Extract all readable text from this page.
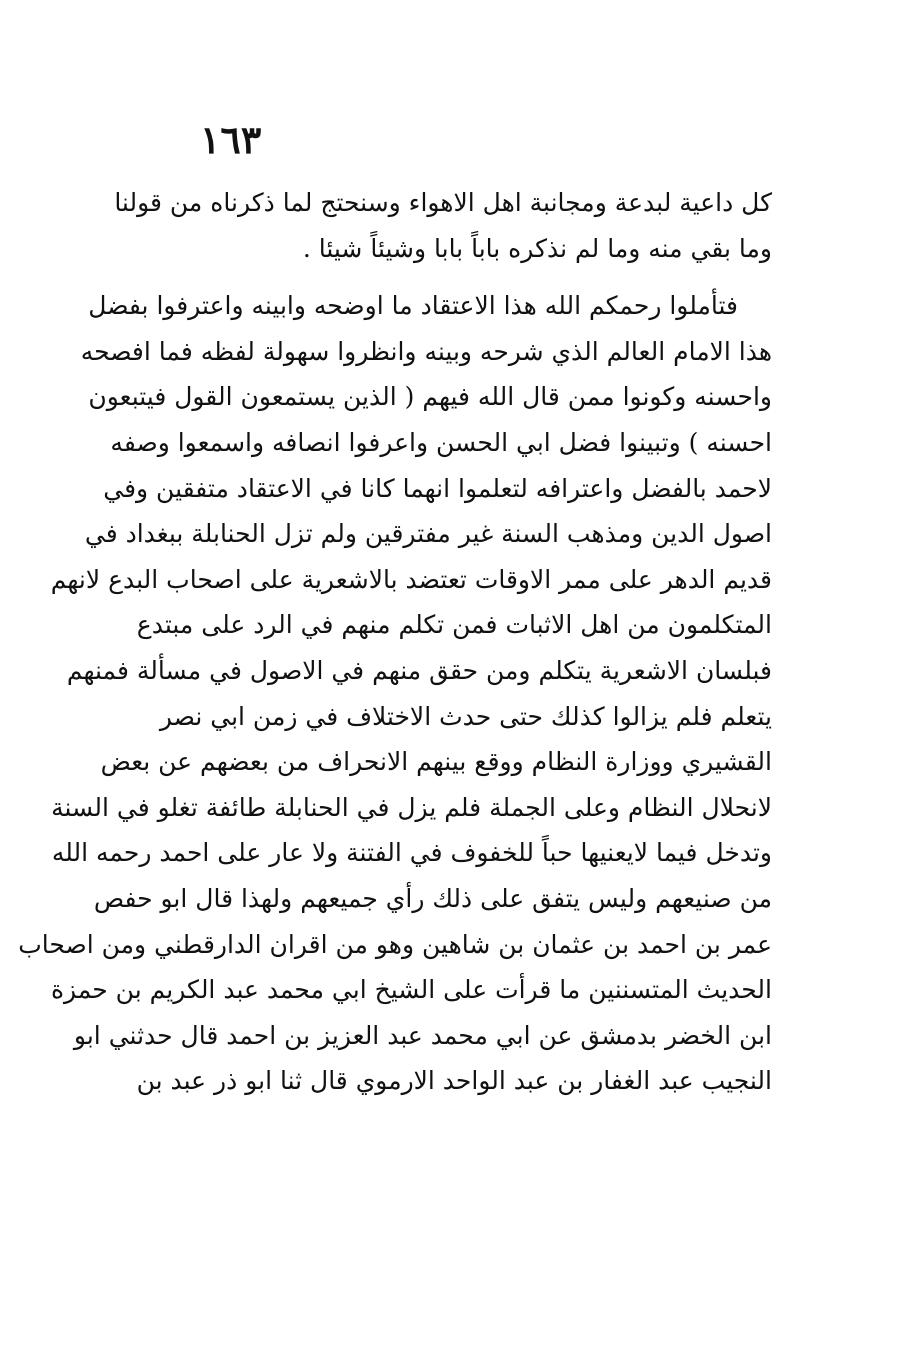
١٦٣
كل داعية لبدعة ومجانبة اهل الاهواء وسنحتج لما ذكرناه من قولنا
وما بقي منه وما لم نذكره باباً بابا وشيئاً شيئا .
فتأملوا رحمكم الله هذا الاعتقاد ما اوضحه وابينه واعترفوا بفضل
هذا الامام العالم الذي شرحه وبينه وانظروا سهولة لفظه فما افصحه
واحسنه وكونوا ممن قال الله فيهم ( الذين يستمعون القول فيتبعون
احسنه ) وتبينوا فضل ابي الحسن واعرفوا انصافه واسمعوا وصفه
لاحمد بالفضل واعترافه لتعلموا انهما كانا في الاعتقاد متفقين وفي
اصول الدين ومذهب السنة غير مفترقين ولم تزل الحنابلة ببغداد في
قديم الدهر على ممر الاوقات تعتضد بالاشعرية على اصحاب البدع لانهم
المتكلمون من اهل الاثبات فمن تكلم منهم في الرد على مبتدع
فبلسان الاشعرية يتكلم ومن حقق منهم في الاصول في مسألة فمنهم
يتعلم فلم يزالوا كذلك حتى حدث الاختلاف في زمن ابي نصر
القشيري ووزارة النظام ووقع بينهم الانحراف من بعضهم عن بعض
لانحلال النظام وعلى الجملة فلم يزل في الحنابلة طائفة تغلو في السنة
وتدخل فيما لايعنيها حباً للخفوف في الفتنة ولا عار على احمد رحمه الله
من صنيعهم وليس يتفق على ذلك رأي جميعهم ولهذا قال ابو حفص
عمر بن احمد بن عثمان بن شاهين وهو من اقران الدارقطني ومن اصحاب
الحديث المتسننين ما قرأت على الشيخ ابي محمد عبد الكريم بن حمزة
ابن الخضر بدمشق عن ابي محمد عبد العزيز بن احمد قال حدثني ابو
النجيب عبد الغفار بن عبد الواحد الارموي قال ثنا ابو ذر عبد بن
